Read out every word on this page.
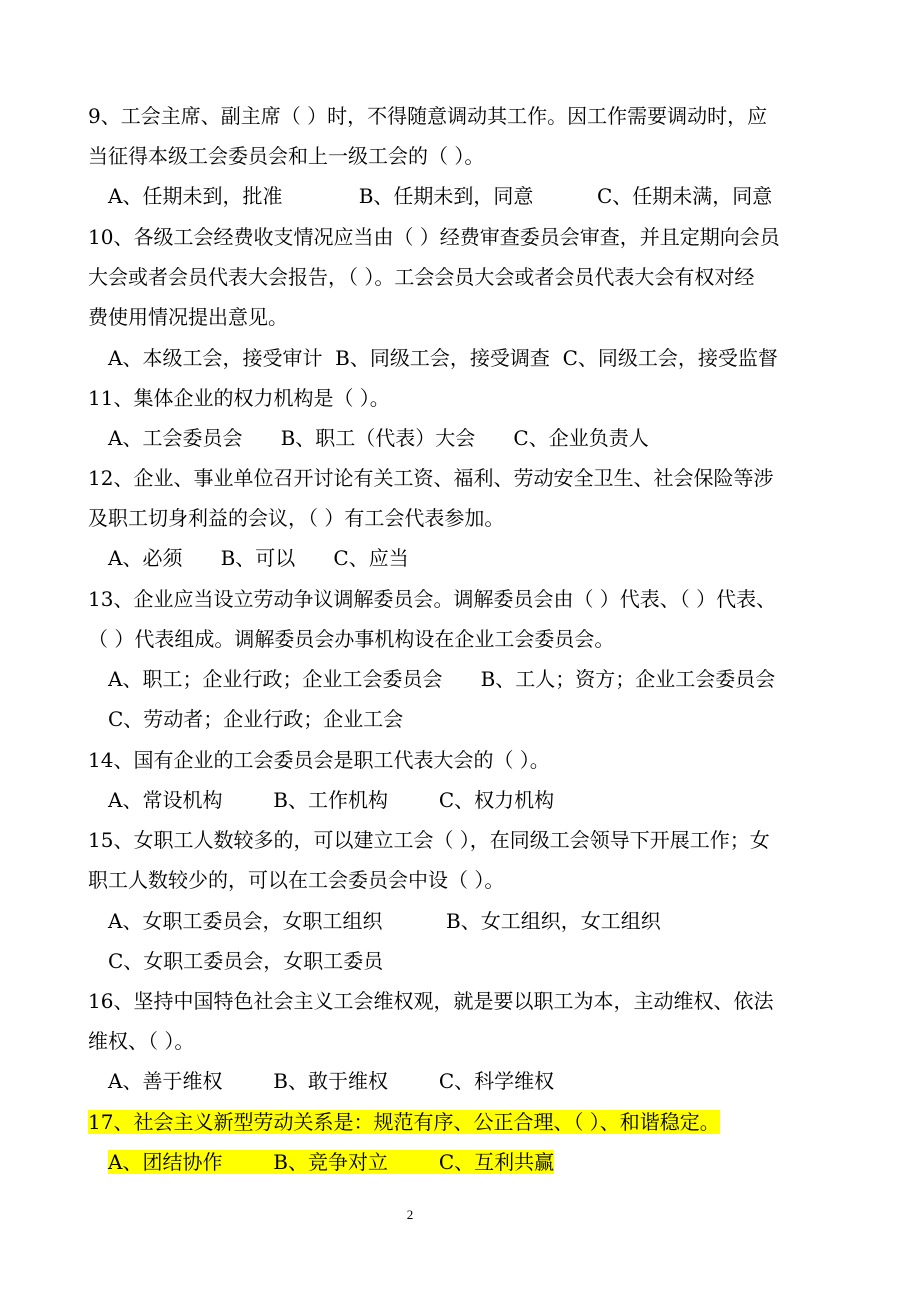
9、工会主席、副主席（ ）时，不得随意调动其工作。因工作需要调动时，应
当征得本级工会委员会和上一级工会的（ ）。
A、任期未到，批准            B、任期未到，同意          C、任期未满，同意
10、各级工会经费收支情况应当由（ ）经费审查委员会审查，并且定期向会员
大会或者会员代表大会报告，（ ）。工会会员大会或者会员代表大会有权对经
费使用情况提出意见。
A、本级工会，接受审计  B、同级工会，接受调查  C、同级工会，接受监督
11、集体企业的权力机构是（ ）。
A、工会委员会      B、职工（代表）大会      C、企业负责人
12、企业、事业单位召开讨论有关工资、福利、劳动安全卫生、社会保险等涉
及职工切身利益的会议，（ ）有工会代表参加。
A、必须      B、可以      C、应当
13、企业应当设立劳动争议调解委员会。调解委员会由（ ）代表、（ ）代表、
（ ）代表组成。调解委员会办事机构设在企业工会委员会。
A、职工；企业行政；企业工会委员会      B、工人；资方；企业工会委员会
C、劳动者；企业行政；企业工会
14、国有企业的工会委员会是职工代表大会的（ ）。
A、常设机构        B、工作机构        C、权力机构
15、女职工人数较多的，可以建立工会（ ），在同级工会领导下开展工作；女
职工人数较少的，可以在工会委员会中设（ ）。
A、女职工委员会，女职工组织          B、女工组织，女工组织
C、女职工委员会，女职工委员
16、坚持中国特色社会主义工会维权观，就是要以职工为本，主动维权、依法
维权、（ ）。
A、善于维权        B、敢于维权        C、科学维权
17、社会主义新型劳动关系是：规范有序、公正合理、（ ）、和谐稳定。
A、团结协作        B、竞争对立        C、互利共赢
2
